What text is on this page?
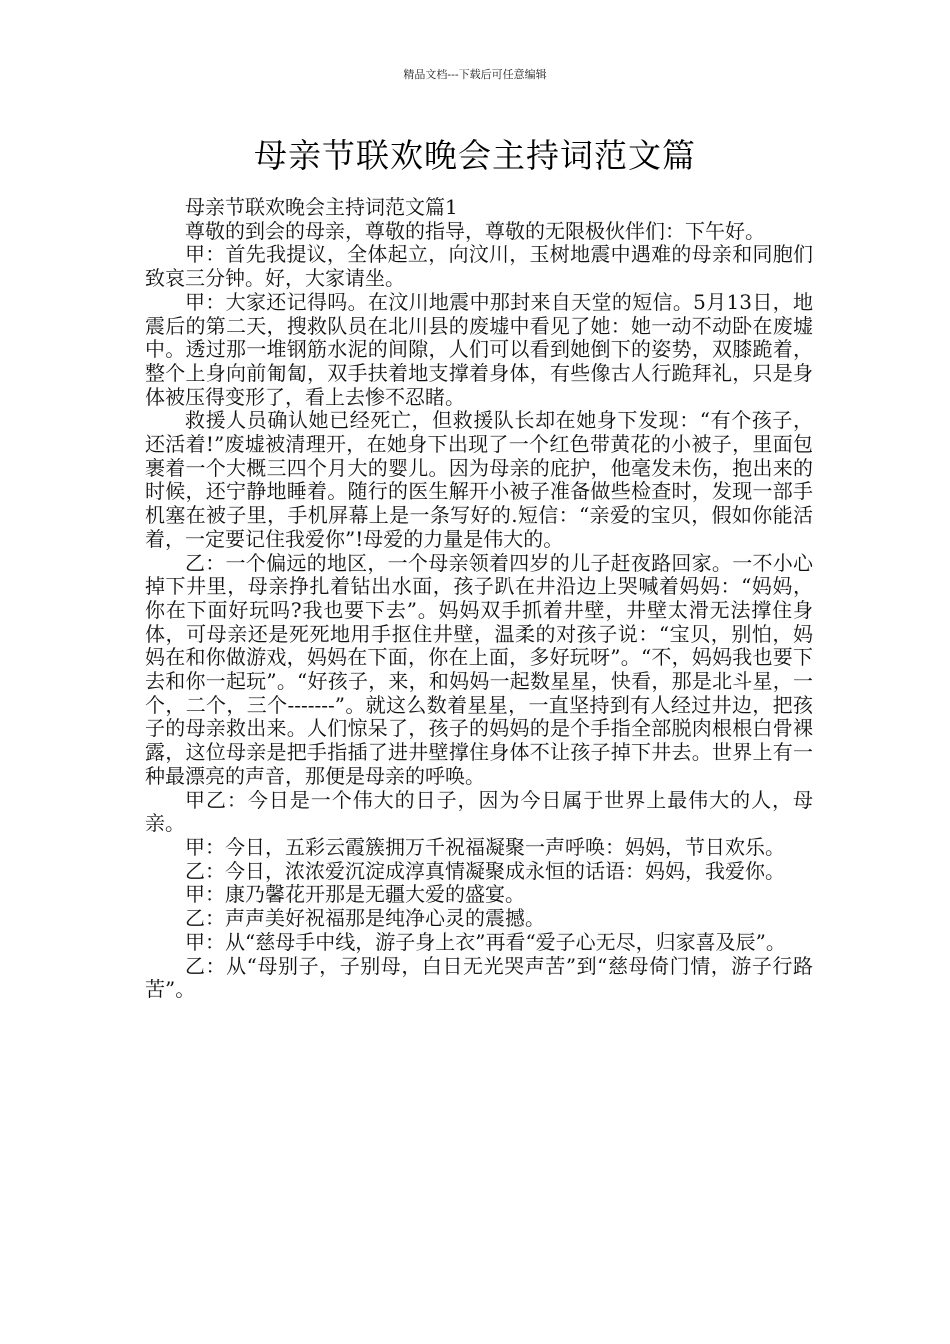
精品文档---下载后可任意编辑
母亲节联欢晚会主持词范文篇

母亲节联欢晚会主持词范文篇1

尊敬的到会的母亲，尊敬的指导，尊敬的无限极伙伴们：下午好。

甲：首先我提议，全体起立，向汶川，玉树地震中遇难的母亲和同胞们致哀三分钟。好，大家请坐。

甲：大家还记得吗。在汶川地震中那封来自天堂的短信。5月13日，地震后的第二天，搜救队员在北川县的废墟中看见了她：她一动不动卧在废墟中。透过那一堆钢筋水泥的间隙，人们可以看到她倒下的姿势，双膝跪着，整个上身向前匍匐，双手扶着地支撑着身体，有些像古人行跪拜礼，只是身体被压得变形了，看上去惨不忍睹。

救援人员确认她已经死亡，但救援队长却在她身下发现：“有个孩子，还活着!”废墟被清理开，在她身下出现了一个红色带黄花的小被子，里面包裹着一个大概三四个月大的婴儿。因为母亲的庇护，他毫发未伤，抱出来的时候，还宁静地睡着。随行的医生解开小被子准备做些检查时，发现一部手机塞在被子里，手机屏幕上是一条写好的.短信：“亲爱的宝贝，假如你能活着，一定要记住我爱你”!母爱的力量是伟大的。

乙：一个偏远的地区，一个母亲领着四岁的儿子赶夜路回家。一不小心掉下井里，母亲挣扎着钻出水面，孩子趴在井沿边上哭喊着妈妈：“妈妈，你在下面好玩吗?我也要下去”。妈妈双手抓着井壁，井壁太滑无法撑住身体，可母亲还是死死地用手抠住井壁，温柔的对孩子说：“宝贝，别怕，妈妈在和你做游戏，妈妈在下面，你在上面，多好玩呀”。“不，妈妈我也要下去和你一起玩”。“好孩子，来，和妈妈一起数星星，快看，那是北斗星，一个，二个，三个-------”。就这么数着星星，一直坚持到有人经过井边，把孩子的母亲救出来。人们惊呆了，孩子的妈妈的是个手指全部脱肉根根白骨裸露，这位母亲是把手指插了进井壁撑住身体不让孩子掉下井去。世界上有一种最漂亮的声音，那便是母亲的呼唤。

甲乙：今日是一个伟大的日子，因为今日属于世界上最伟大的人，母亲。

甲：今日，五彩云霞簇拥万千祝福凝聚一声呼唤：妈妈，节日欢乐。

乙：今日，浓浓爱沉淀成淳真情凝聚成永恒的话语：妈妈，我爱你。

甲：康乃馨花开那是无疆大爱的盛宴。

乙：声声美好祝福那是纯净心灵的震撼。

甲：从“慈母手中线，游子身上衣”再看“爱子心无尽，归家喜及辰”。

乙：从“母别子，子别母，白日无光哭声苦”到“慈母倚门情，游子行路苦”。
